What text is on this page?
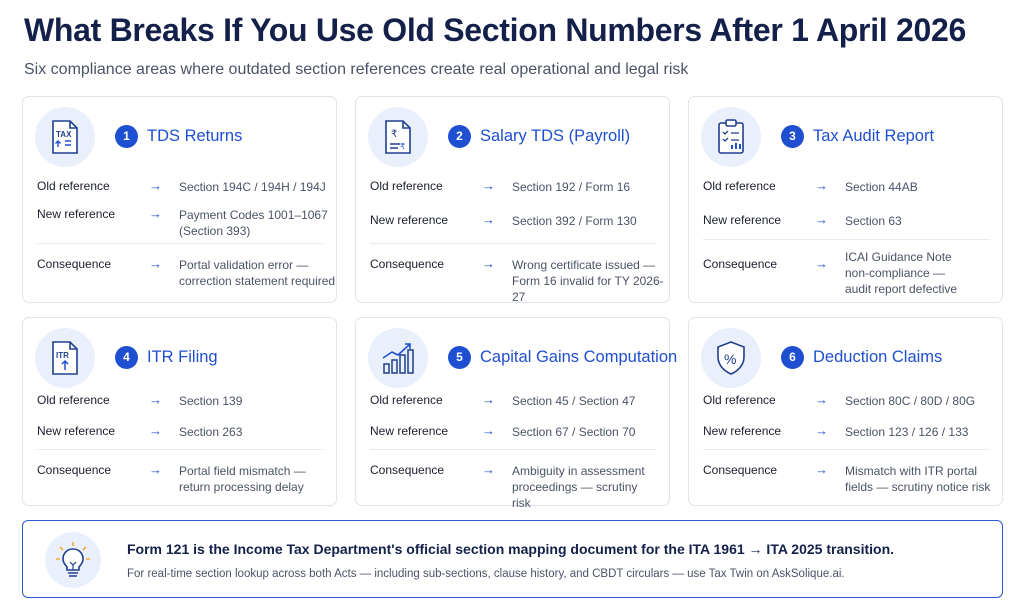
What Breaks If You Use Old Section Numbers After 1 April 2026
Six compliance areas where outdated section references create real operational and legal risk
TAX	1	TDS Returns
Old reference	→ Section 194C / 194H / 194J
New reference	→ Payment Codes 1001–1067 (Section 393)
Consequence	→ Portal validation error — correction statement required
₹
₹
2	Salary TDS (Payroll)
Old reference	→ Section 192 / Form 16
New reference	→ Section 392 / Form 130
Consequence	→ Wrong certificate issued — Form 16 invalid for TY 2026-27
3	Tax Audit Report
Old reference	→ Section 44AB
New reference	→ Section 63
Consequence	→ ICAI Guidance Note non-compliance — audit report defective
ITR	4	ITR Filing
Old reference	→ Section 139
New reference	→ Section 263
Consequence	→ Portal field mismatch — return processing delay
5	Capital Gains Computation
Old reference	→ Section 45 / Section 47
New reference	→ Section 67 / Section 70
Consequence	→ Ambiguity in assessment proceedings — scrutiny risk
%	6	Deduction Claims
Old reference	→ Section 80C / 80D / 80G
New reference	→ Section 123 / 126 / 133
Consequence	→ Mismatch with ITR portal fields — scrutiny notice risk
Form 121 is the Income Tax Department's official section mapping document for the ITA 1961 → ITA 2025 transition.
For real-time section lookup across both Acts — including sub-sections, clause history, and CBDT circulars — use Tax Twin on AskSolique.ai.
